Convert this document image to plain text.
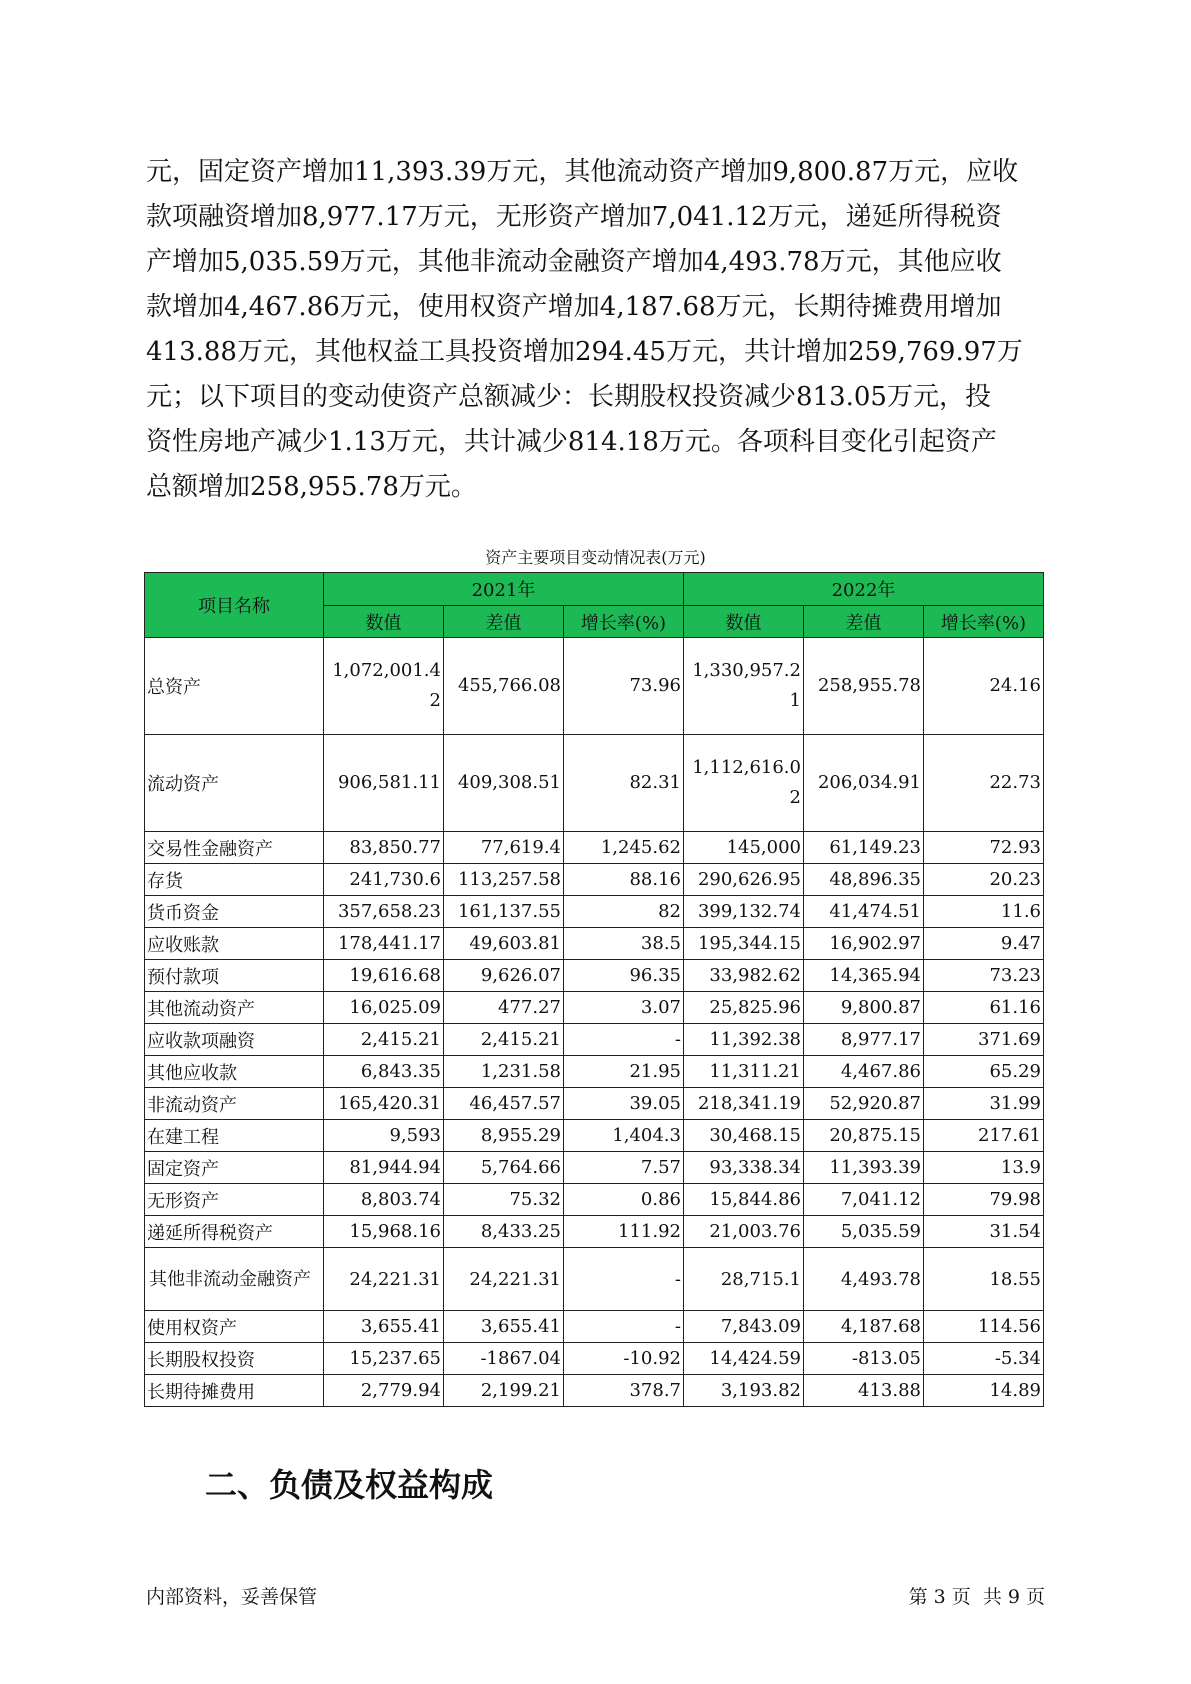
元，固定资产增加11,393.39万元，其他流动资产增加9,800.87万元，应收
款项融资增加8,977.17万元，无形资产增加7,041.12万元，递延所得税资
产增加5,035.59万元，其他非流动金融资产增加4,493.78万元，其他应收
款增加4,467.86万元，使用权资产增加4,187.68万元，长期待摊费用增加
413.88万元，其他权益工具投资增加294.45万元，共计增加259,769.97万
元；以下项目的变动使资产总额减少：长期股权投资减少813.05万元，投
资性房地产减少1.13万元，共计减少814.18万元。各项科目变化引起资产
总额增加258,955.78万元。
资产主要项目变动情况表(万元)
项目名称	2021年			2022年		
	数值	差值	增长率(%)	数值	差值	增长率(%)
总资产	1,072,001.42	455,766.08	73.96	1,330,957.21	258,955.78	24.16
流动资产	906,581.11	409,308.51	82.31	1,112,616.02	206,034.91	22.73
交易性金融资产	83,850.77	77,619.4	1,245.62	145,000	61,149.23	72.93
存货	241,730.6	113,257.58	88.16	290,626.95	48,896.35	20.23
货币资金	357,658.23	161,137.55	82	399,132.74	41,474.51	11.6
应收账款	178,441.17	49,603.81	38.5	195,344.15	16,902.97	9.47
预付款项	19,616.68	9,626.07	96.35	33,982.62	14,365.94	73.23
其他流动资产	16,025.09	477.27	3.07	25,825.96	9,800.87	61.16
应收款项融资	2,415.21	2,415.21	-	11,392.38	8,977.17	371.69
其他应收款	6,843.35	1,231.58	21.95	11,311.21	4,467.86	65.29
非流动资产	165,420.31	46,457.57	39.05	218,341.19	52,920.87	31.99
在建工程	9,593	8,955.29	1,404.3	30,468.15	20,875.15	217.61
固定资产	81,944.94	5,764.66	7.57	93,338.34	11,393.39	13.9
无形资产	8,803.74	75.32	0.86	15,844.86	7,041.12	79.98
递延所得税资产	15,968.16	8,433.25	111.92	21,003.76	5,035.59	31.54
其他非流动金融资产	24,221.31	24,221.31	-	28,715.1	4,493.78	18.55
使用权资产	3,655.41	3,655.41	-	7,843.09	4,187.68	114.56
长期股权投资	15,237.65	-1867.04	-10.92	14,424.59	-813.05	-5.34
长期待摊费用	2,779.94	2,199.21	378.7	3,193.82	413.88	14.89
二、负债及权益构成
内部资料，妥善保管	第 3 页  共 9 页
